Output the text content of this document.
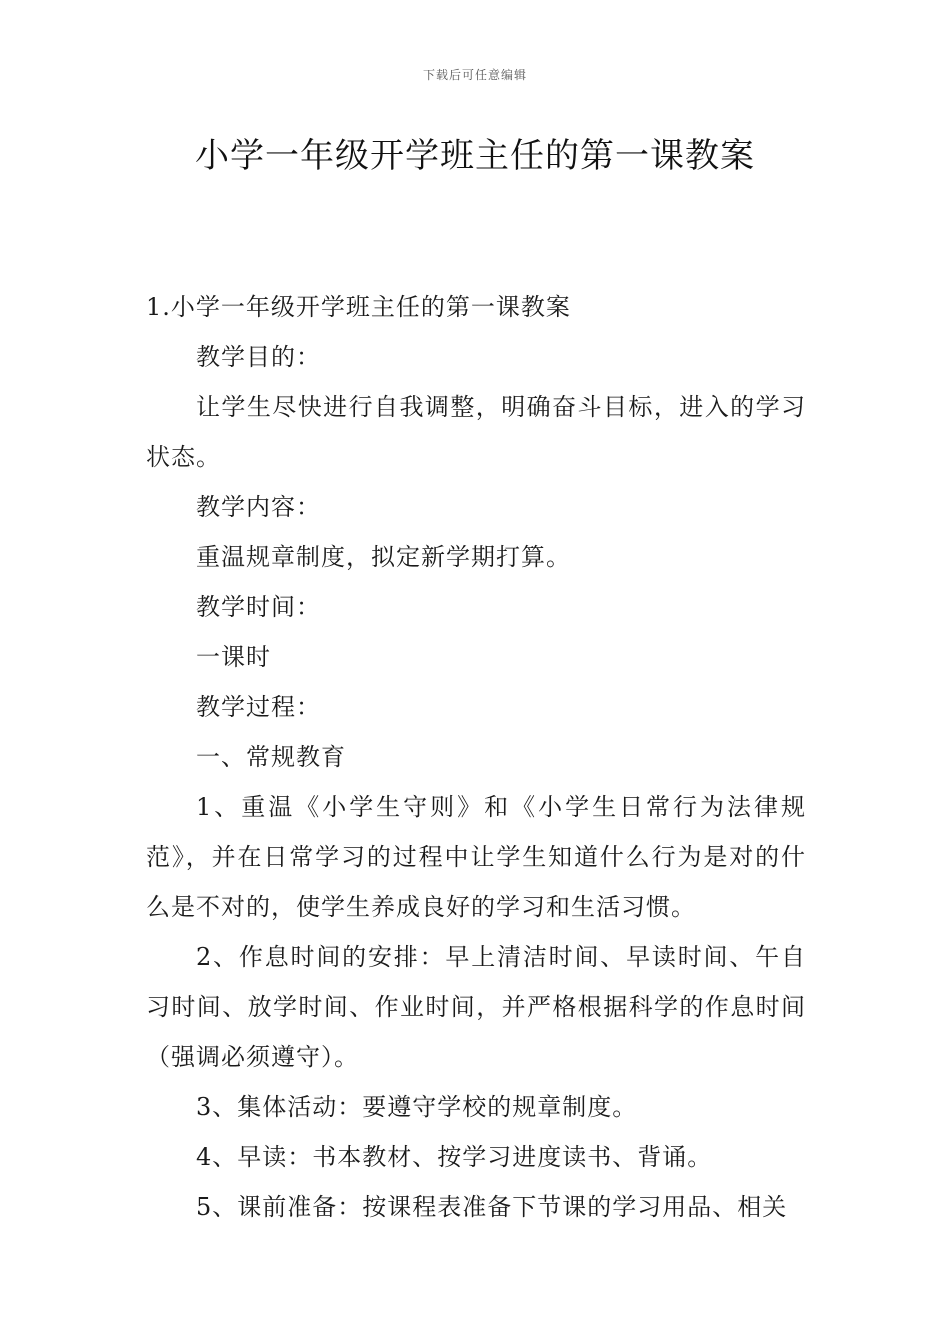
下载后可任意编辑
小学一年级开学班主任的第一课教案

1.小学一年级开学班主任的第一课教案

教学目的：

让学生尽快进行自我调整，明确奋斗目标，进入的学习状态。

教学内容：

重温规章制度，拟定新学期打算。

教学时间：

一课时

教学过程：

一、常规教育

1、重温《小学生守则》和《小学生日常行为法律规范》，并在日常学习的过程中让学生知道什么行为是对的什么是不对的，使学生养成良好的学习和生活习惯。

2、作息时间的安排：早上清洁时间、早读时间、午自习时间、放学时间、作业时间，并严格根据科学的作息时间（强调必须遵守）。

3、集体活动：要遵守学校的规章制度。

4、早读：书本教材、按学习进度读书、背诵。

5、课前准备：按课程表准备下节课的学习用品、相关
